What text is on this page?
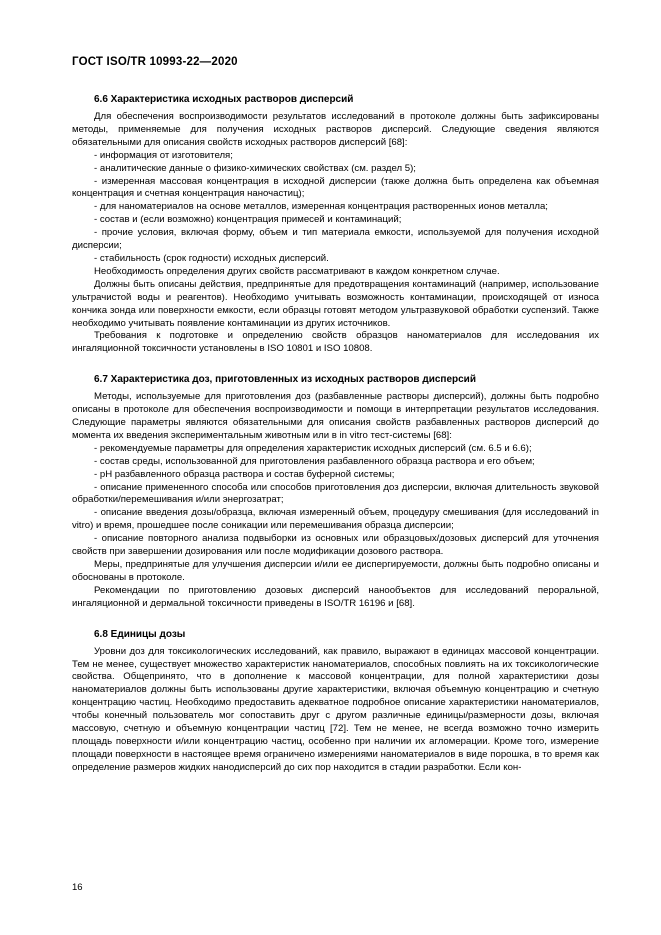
ГОСТ ISO/TR 10993-22—2020
6.6 Характеристика исходных растворов дисперсий

Для обеспечения воспроизводимости результатов исследований в протоколе должны быть зафиксированы методы, применяемые для получения исходных растворов дисперсий. Следующие сведения являются обязательными для описания свойств исходных растворов дисперсий [68]:

- информация от изготовителя;
- аналитические данные о физико-химических свойствах (см. раздел 5);
- измеренная массовая концентрация в исходной дисперсии (также должна быть определена как объемная концентрация и счетная концентрация наночастиц);
- для наноматериалов на основе металлов, измеренная концентрация растворенных ионов металла;
- состав и (если возможно) концентрация примесей и контаминаций;
- прочие условия, включая форму, объем и тип материала емкости, используемой для получения исходной дисперсии;
- стабильность (срок годности) исходных дисперсий.

Необходимость определения других свойств рассматривают в каждом конкретном случае.

Должны быть описаны действия, предпринятые для предотвращения контаминаций (например, использование ультрачистой воды и реагентов). Необходимо учитывать возможность контаминации, происходящей от износа кончика зонда или поверхности емкости, если образцы готовят методом ультразвуковой обработки суспензий. Также необходимо учитывать появление контаминации из других источников.

Требования к подготовке и определению свойств образцов наноматериалов для исследования их ингаляционной токсичности установлены в ISO 10801 и ISO 10808.

6.7 Характеристика доз, приготовленных из исходных растворов дисперсий

Методы, используемые для приготовления доз (разбавленные растворы дисперсий), должны быть подробно описаны в протоколе для обеспечения воспроизводимости и помощи в интерпретации результатов исследования. Следующие параметры являются обязательными для описания свойств разбавленных растворов дисперсий до момента их введения экспериментальным животным или в in vitro тест-системы [68]:

- рекомендуемые параметры для определения характеристик исходных дисперсий (см. 6.5 и 6.6);
- состав среды, использованной для приготовления разбавленного образца раствора и его объем;
- pH разбавленного образца раствора и состав буферной системы;
- описание примененного способа или способов приготовления доз дисперсии, включая длительность звуковой обработки/перемешивания и/или энергозатрат;
- описание введения дозы/образца, включая измеренный объем, процедуру смешивания (для исследований in vitro) и время, прошедшее после соникации или перемешивания образца дисперсии;
- описание повторного анализа подвыборки из основных или образцовых/дозовых дисперсий для уточнения свойств при завершении дозирования или после модификации дозового раствора.

Меры, предпринятые для улучшения дисперсии и/или ее диспергируемости, должны быть подробно описаны и обоснованы в протоколе.

Рекомендации по приготовлению дозовых дисперсий нанообъектов для исследований пероральной, ингаляционной и дермальной токсичности приведены в ISO/TR 16196 и [68].

6.8 Единицы дозы

Уровни доз для токсикологических исследований, как правило, выражают в единицах массовой концентрации. Тем не менее, существует множество характеристик наноматериалов, способных повлиять на их токсикологические свойства. Общепринято, что в дополнение к массовой концентрации, для полной характеристики дозы наноматериалов должны быть использованы другие характеристики, включая объемную концентрацию и счетную концентрацию частиц. Необходимо предоставить адекватное подробное описание характеристики наноматериалов, чтобы конечный пользователь мог сопоставить друг с другом различные единицы/размерности дозы, включая массовую, счетную и объемную концентрации частиц [72]. Тем не менее, не всегда возможно точно измерить площадь поверхности и/или концентрацию частиц, особенно при наличии их агломерации. Кроме того, измерение площади поверхности в настоящее время ограничено измерениями наноматериалов в виде порошка, в то время как определение размеров жидких нанодисперсий до сих пор находится в стадии разработки. Если кон-

16
